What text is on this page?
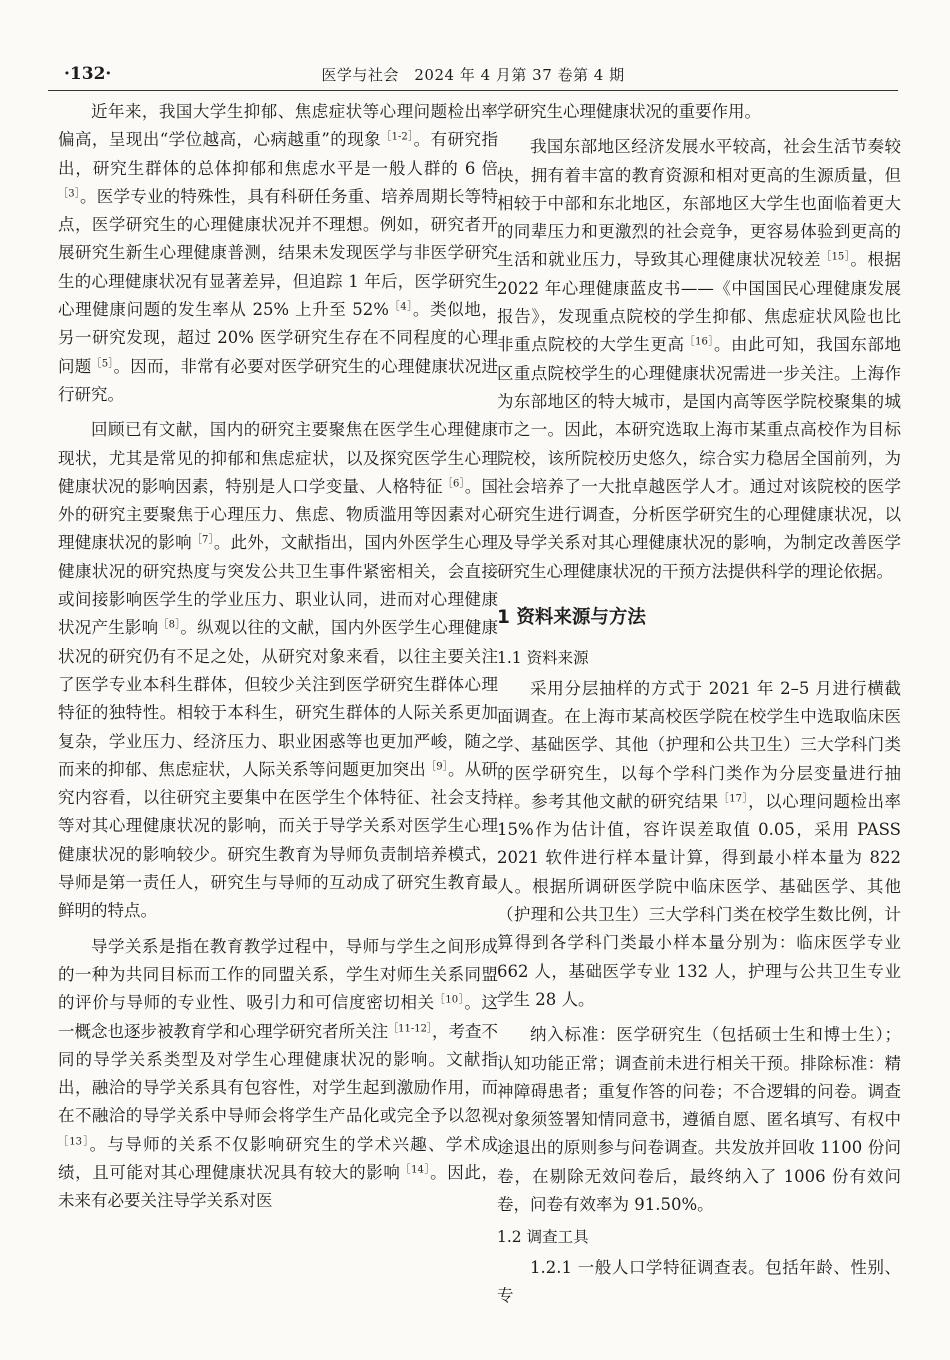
·132·	医学与社会　2024 年 4 月第 37 卷第 4 期

近年来，我国大学生抑郁、焦虑症状等心理问题检出率偏高，呈现出“学位越高，心病越重”的现象$^{[1-2]}$。有研究指出，研究生群体的总体抑郁和焦虑水平是一般人群的 6 倍$^{[3]}$。医学专业的特殊性，具有科研任务重、培养周期长等特点，医学研究生的心理健康状况并不理想。例如，研究者开展研究生新生心理健康普测，结果未发现医学与非医学研究生的心理健康状况有显著差异，但追踪 1 年后，医学研究生心理健康问题的发生率从 25% 上升至 52%$^{[4]}$。类似地，另一研究发现，超过 20% 医学研究生存在不同程度的心理问题$^{[5]}$。因而，非常有必要对医学研究生的心理健康状况进行研究。

回顾已有文献，国内的研究主要聚焦在医学生心理健康现状，尤其是常见的抑郁和焦虑症状，以及探究医学生心理健康状况的影响因素，特别是人口学变量、人格特征$^{[6]}$。国外的研究主要聚焦于心理压力、焦虑、物质滥用等因素对心理健康状况的影响$^{[7]}$。此外，文献指出，国内外医学生心理健康状况的研究热度与突发公共卫生事件紧密相关，会直接或间接影响医学生的学业压力、职业认同，进而对心理健康状况产生影响$^{[8]}$。纵观以往的文献，国内外医学生心理健康状况的研究仍有不足之处，从研究对象来看，以往主要关注了医学专业本科生群体，但较少关注到医学研究生群体心理特征的独特性。相较于本科生，研究生群体的人际关系更加复杂，学业压力、经济压力、职业困惑等也更加严峻，随之而来的抑郁、焦虑症状，人际关系等问题更加突出$^{[9]}$。从研究内容看，以往研究主要集中在医学生个体特征、社会支持等对其心理健康状况的影响，而关于导学关系对医学生心理健康状况的影响较少。研究生教育为导师负责制培养模式，导师是第一责任人，研究生与导师的互动成了研究生教育最鲜明的特点。

导学关系是指在教育教学过程中，导师与学生之间形成的一种为共同目标而工作的同盟关系，学生对师生关系同盟的评价与导师的专业性、吸引力和可信度密切相关$^{[10]}$。这一概念也逐步被教育学和心理学研究者所关注$^{[11-12]}$，考查不同的导学关系类型及对学生心理健康状况的影响。文献指出，融洽的导学关系具有包容性，对学生起到激励作用，而在不融洽的导学关系中导师会将学生产品化或完全予以忽视$^{[13]}$。与导师的关系不仅影响研究生的学术兴趣、学术成绩，且可能对其心理健康状况具有较大的影响$^{[14]}$。因此，未来有必要关注导学关系对医

学研究生心理健康状况的重要作用。

我国东部地区经济发展水平较高，社会生活节奏较快，拥有着丰富的教育资源和相对更高的生源质量，但相较于中部和东北地区，东部地区大学生也面临着更大的同辈压力和更激烈的社会竞争，更容易体验到更高的生活和就业压力，导致其心理健康状况较差$^{[15]}$。根据 2022 年心理健康蓝皮书——《中国国民心理健康发展报告》，发现重点院校的学生抑郁、焦虑症状风险也比非重点院校的大学生更高$^{[16]}$。由此可知，我国东部地区重点院校学生的心理健康状况需进一步关注。上海作为东部地区的特大城市，是国内高等医学院校聚集的城市之一。因此，本研究选取上海市某重点高校作为目标院校，该所院校历史悠久，综合实力稳居全国前列，为社会培养了一大批卓越医学人才。通过对该院校的医学研究生进行调查，分析医学研究生的心理健康状况，以及导学关系对其心理健康状况的影响，为制定改善医学研究生心理健康状况的干预方法提供科学的理论依据。

1 资料来源与方法
1.1 资料来源

采用分层抽样的方式于 2021 年 2–5 月进行横截面调查。在上海市某高校医学院在校学生中选取临床医学、基础医学、其他（护理和公共卫生）三大学科门类的医学研究生，以每个学科门类作为分层变量进行抽样。参考其他文献的研究结果$^{[17]}$，以心理问题检出率 15%作为估计值，容许误差取值 0.05，采用 PASS 2021 软件进行样本量计算，得到最小样本量为 822 人。根据所调研医学院中临床医学、基础医学、其他（护理和公共卫生）三大学科门类在校学生数比例，计算得到各学科门类最小样本量分别为：临床医学专业 662 人，基础医学专业 132 人，护理与公共卫生专业学生 28 人。

纳入标准：医学研究生（包括硕士生和博士生）；认知功能正常；调查前未进行相关干预。排除标准：精神障碍患者；重复作答的问卷；不合逻辑的问卷。调查对象须签署知情同意书，遵循自愿、匿名填写、有权中途退出的原则参与问卷调查。共发放并回收 1100 份问卷，在剔除无效问卷后，最终纳入了 1006 份有效问卷，问卷有效率为 91.50%。

1.2 调查工具

1.2.1 一般人口学特征调查表。包括年龄、性别、专
